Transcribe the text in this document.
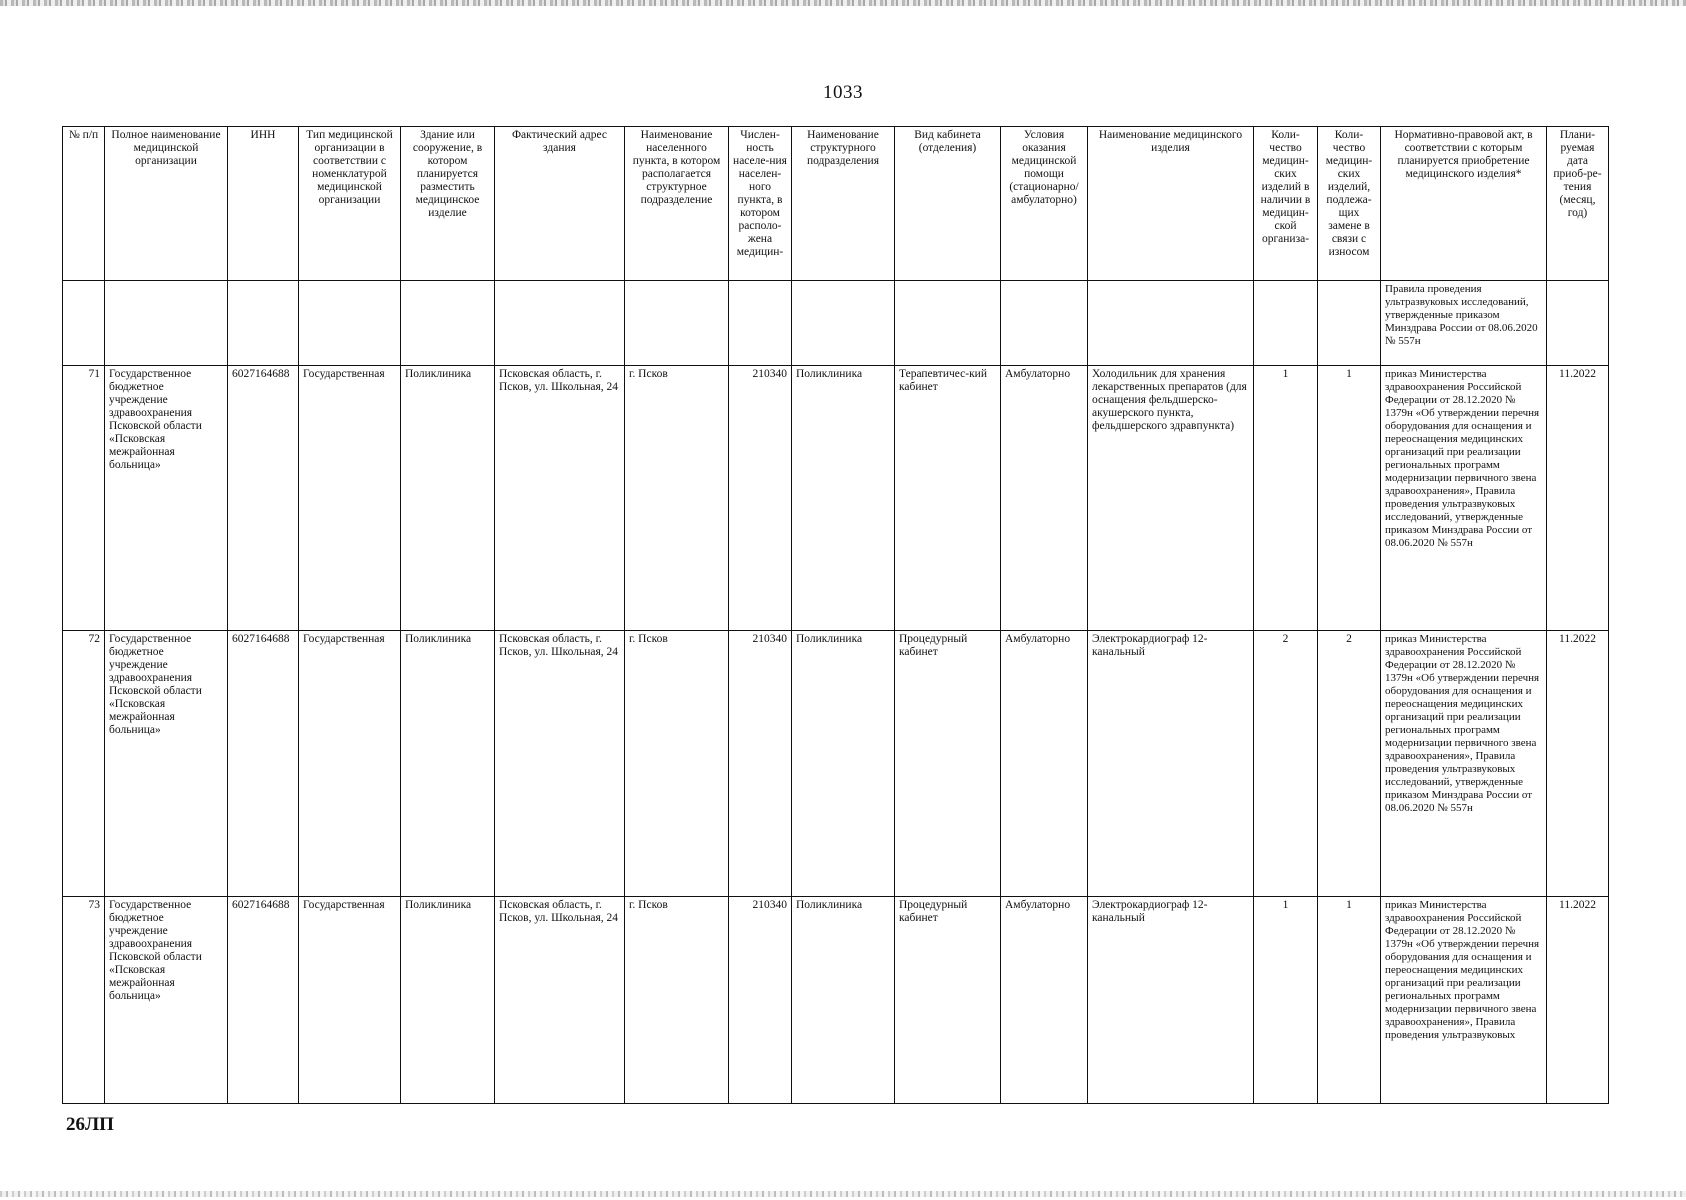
1033
№ п/п	Полное наименование медицинской организации	ИНН	Тип медицинской организации в соответствии с номенклатурой медицинской организации	Здание или сооружение, в котором планируется разместить медицинское изделие	Фактический адрес здания	Наименование населенного пункта, в котором располагается структурное подразделение	Числен-ность населе-ния населен-ного пункта, в котором располо-жена медицин-	Наименование структурного подразделения	Вид кабинета (отделения)	Условия оказания медицинской помощи (стационарно/ амбулаторно)	Наименование медицинского изделия	Коли-чество медицин-ских изделий в наличии в медицин-ской организа-	Коли-чество медицин-ских изделий, подлежа-щих замене в связи с износом	Нормативно-правовой акт, в соответствии с которым планируется приобретение медицинского изделия*	Плани-руемая дата приоб-ре-тения (месяц, год)
														Правила проведения ультразвуковых исследований, утвержденные приказом Минздрава России от 08.06.2020 № 557н	
71	Государственное бюджетное учреждение здравоохранения Псковской области «Псковская межрайонная больница»	6027164688	Государственная	Поликлиника	Псковская область, г. Псков, ул. Школьная, 24	г. Псков	210340	Поликлиника	Терапевтичес-кий кабинет	Амбулаторно	Холодильник для хранения лекарственных препаратов (для оснащения фельдшерско-акушерского пункта, фельдшерского здравпункта)	1	1	приказ Министерства здравоохранения Российской Федерации от 28.12.2020 № 1379н «Об утверждении перечня оборудования для оснащения и переоснащения медицинских организаций при реализации региональных программ модернизации первичного звена здравоохранения», Правила проведения ультразвуковых исследований, утвержденные приказом Минздрава России от 08.06.2020 № 557н	11.2022
72	Государственное бюджетное учреждение здравоохранения Псковской области «Псковская межрайонная больница»	6027164688	Государственная	Поликлиника	Псковская область, г. Псков, ул. Школьная, 24	г. Псков	210340	Поликлиника	Процедурный кабинет	Амбулаторно	Электрокардиограф 12-канальный	2	2	приказ Министерства здравоохранения Российской Федерации от 28.12.2020 № 1379н «Об утверждении перечня оборудования для оснащения и переоснащения медицинских организаций при реализации региональных программ модернизации первичного звена здравоохранения», Правила проведения ультразвуковых исследований, утвержденные приказом Минздрава России от 08.06.2020 № 557н	11.2022
73	Государственное бюджетное учреждение здравоохранения Псковской области «Псковская межрайонная больница»	6027164688	Государственная	Поликлиника	Псковская область, г. Псков, ул. Школьная, 24	г. Псков	210340	Поликлиника	Процедурный кабинет	Амбулаторно	Электрокардиограф 12-канальный	1	1	приказ Министерства здравоохранения Российской Федерации от 28.12.2020 № 1379н «Об утверждении перечня оборудования для оснащения и переоснащения медицинских организаций при реализации региональных программ модернизации первичного звена здравоохранения», Правила проведения ультразвуковых	11.2022
26ЛП
